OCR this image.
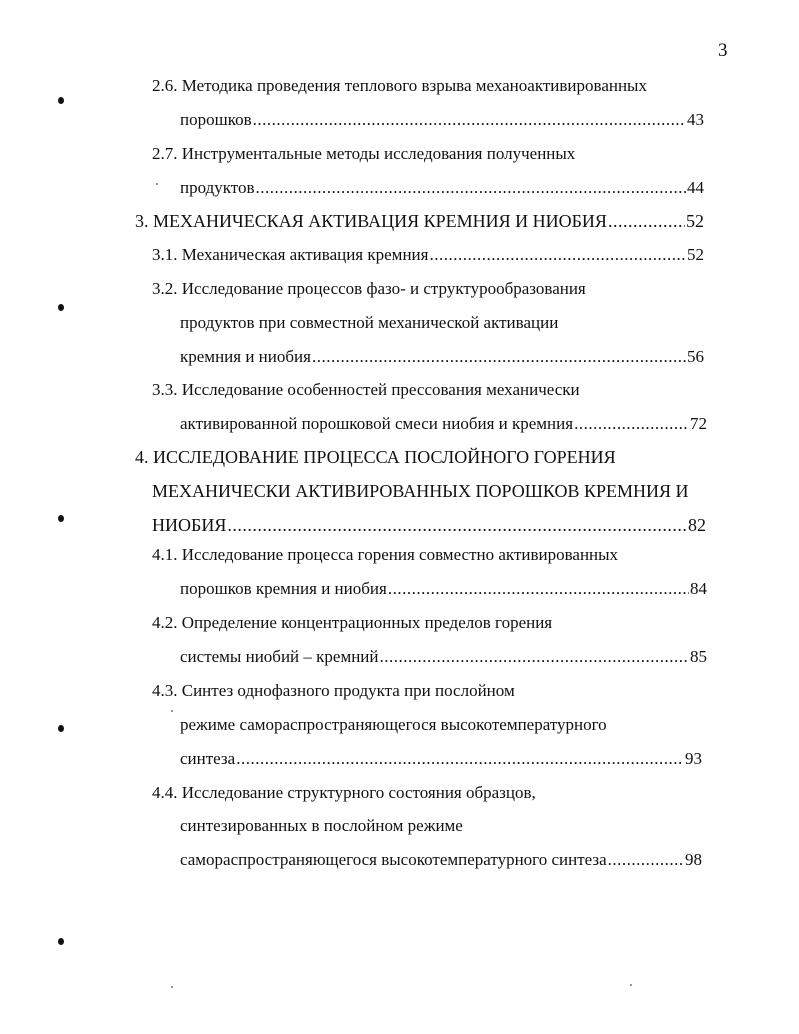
3
2.6. Методика проведения теплового взрыва механоактивированных
порошков .....	43
2.7. Инструментальные методы исследования полученных
продуктов .....	44
3. МЕХАНИЧЕСКАЯ АКТИВАЦИЯ КРЕМНИЯ И НИОБИЯ .....	52
3.1. Механическая активация кремния .....	52
3.2. Исследование процессов фазо- и структурообразования
продуктов при совместной механической активации
кремния и ниобия .....	56
3.3. Исследование особенностей прессования механически
активированной порошковой смеси ниобия и кремния .....	72
4. ИССЛЕДОВАНИЕ ПРОЦЕССА ПОСЛОЙНОГО ГОРЕНИЯ
МЕХАНИЧЕСКИ АКТИВИРОВАННЫХ ПОРОШКОВ КРЕМНИЯ И
НИОБИЯ .....	82
4.1. Исследование процесса горения совместно активированных
порошков кремния и ниобия .....	84
4.2. Определение концентрационных пределов горения
системы ниобий – кремний .....	85
4.3. Синтез однофазного продукта при послойном
режиме самораспространяющегося высокотемпературного
синтеза .....	93
4.4. Исследование структурного состояния образцов,
синтезированных в послойном режиме
самораспространяющегося высокотемпературного синтеза .....	98
